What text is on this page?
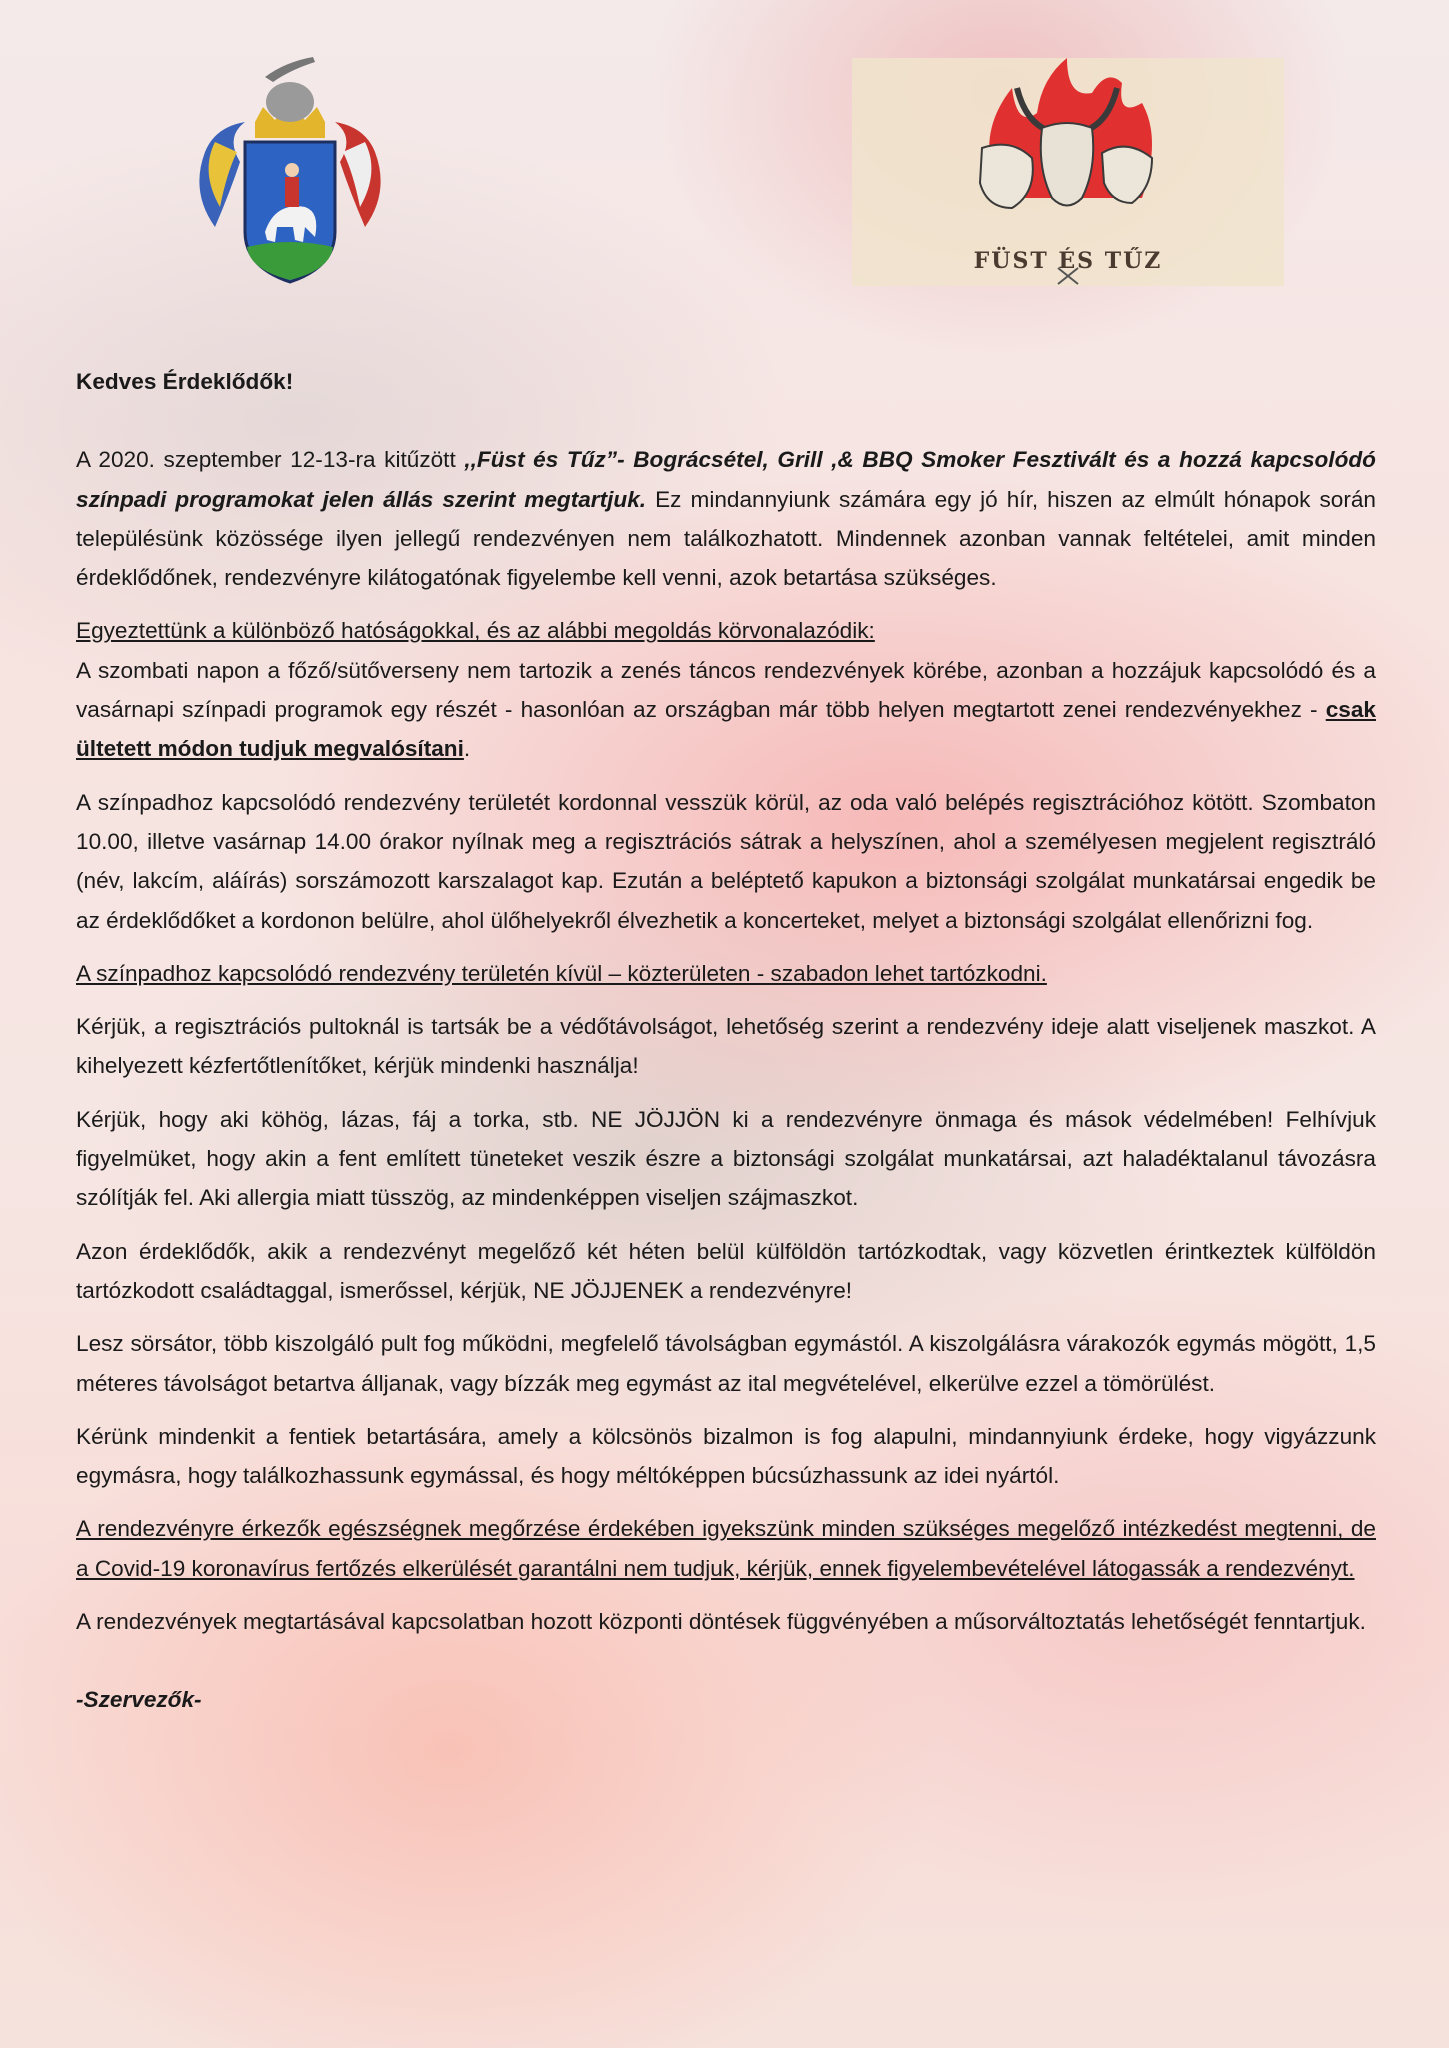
FÜST ÉS TŰZ

Kedves Érdeklődők!

A 2020. szeptember 12-13-ra kitűzött ,,Füst és Tűz”- Bográcsétel, Grill ,& BBQ Smoker Fesztivált és a hozzá kapcsolódó színpadi programokat jelen állás szerint megtartjuk. Ez mindannyiunk számára egy jó hír, hiszen az elmúlt hónapok során településünk közössége ilyen jellegű rendezvényen nem találkozhatott. Mindennek azonban vannak feltételei, amit minden érdeklődőnek, rendezvényre kilátogatónak figyelembe kell venni, azok betartása szükséges.

Egyeztettünk a különböző hatóságokkal, és az alábbi megoldás körvonalazódik:

A szombati napon a főző/sütőverseny nem tartozik a zenés táncos rendezvények körébe, azonban a hozzájuk kapcsolódó és a vasárnapi színpadi programok egy részét - hasonlóan az országban már több helyen megtartott zenei rendezvényekhez - csak ültetett módon tudjuk megvalósítani.

A színpadhoz kapcsolódó rendezvény területét kordonnal vesszük körül, az oda való belépés regisztrációhoz kötött. Szombaton 10.00, illetve vasárnap 14.00 órakor nyílnak meg a regisztrációs sátrak a helyszínen, ahol a személyesen megjelent regisztráló (név, lakcím, aláírás) sorszámozott karszalagot kap. Ezután a beléptető kapukon a biztonsági szolgálat munkatársai engedik be az érdeklődőket a kordonon belülre, ahol ülőhelyekről élvezhetik a koncerteket, melyet a biztonsági szolgálat ellenőrizni fog.

A színpadhoz kapcsolódó rendezvény területén kívül – közterületen - szabadon lehet tartózkodni.

Kérjük, a regisztrációs pultoknál is tartsák be a védőtávolságot, lehetőség szerint a rendezvény ideje alatt viseljenek maszkot. A kihelyezett kézfertőtlenítőket, kérjük mindenki használja!

Kérjük, hogy aki köhög, lázas, fáj a torka, stb. NE JÖJJÖN ki a rendezvényre önmaga és mások védelmében! Felhívjuk figyelmüket, hogy akin a fent említett tüneteket veszik észre a biztonsági szolgálat munkatársai, azt haladéktalanul távozásra szólítják fel. Aki allergia miatt tüsszög, az mindenképpen viseljen szájmaszkot.

Azon érdeklődők, akik a rendezvényt megelőző két héten belül külföldön tartózkodtak, vagy közvetlen érintkeztek külföldön tartózkodott családtaggal, ismerőssel, kérjük, NE JÖJJENEK a rendezvényre!

Lesz sörsátor, több kiszolgáló pult fog működni, megfelelő távolságban egymástól. A kiszolgálásra várakozók egymás mögött, 1,5 méteres távolságot betartva álljanak, vagy bízzák meg egymást az ital megvételével, elkerülve ezzel a tömörülést.

Kérünk mindenkit a fentiek betartására, amely a kölcsönös bizalmon is fog alapulni, mindannyiunk érdeke, hogy vigyázzunk egymásra, hogy találkozhassunk egymással, és hogy méltóképpen búcsúzhassunk az idei nyártól.

A rendezvényre érkezők egészségnek megőrzése érdekében igyekszünk minden szükséges megelőző intézkedést megtenni, de a Covid-19 koronavírus fertőzés elkerülését garantálni nem tudjuk, kérjük, ennek figyelembevételével látogassák a rendezvényt.

A rendezvények megtartásával kapcsolatban hozott központi döntések függvényében a műsorváltoztatás lehetőségét fenntartjuk.

-Szervezők-
